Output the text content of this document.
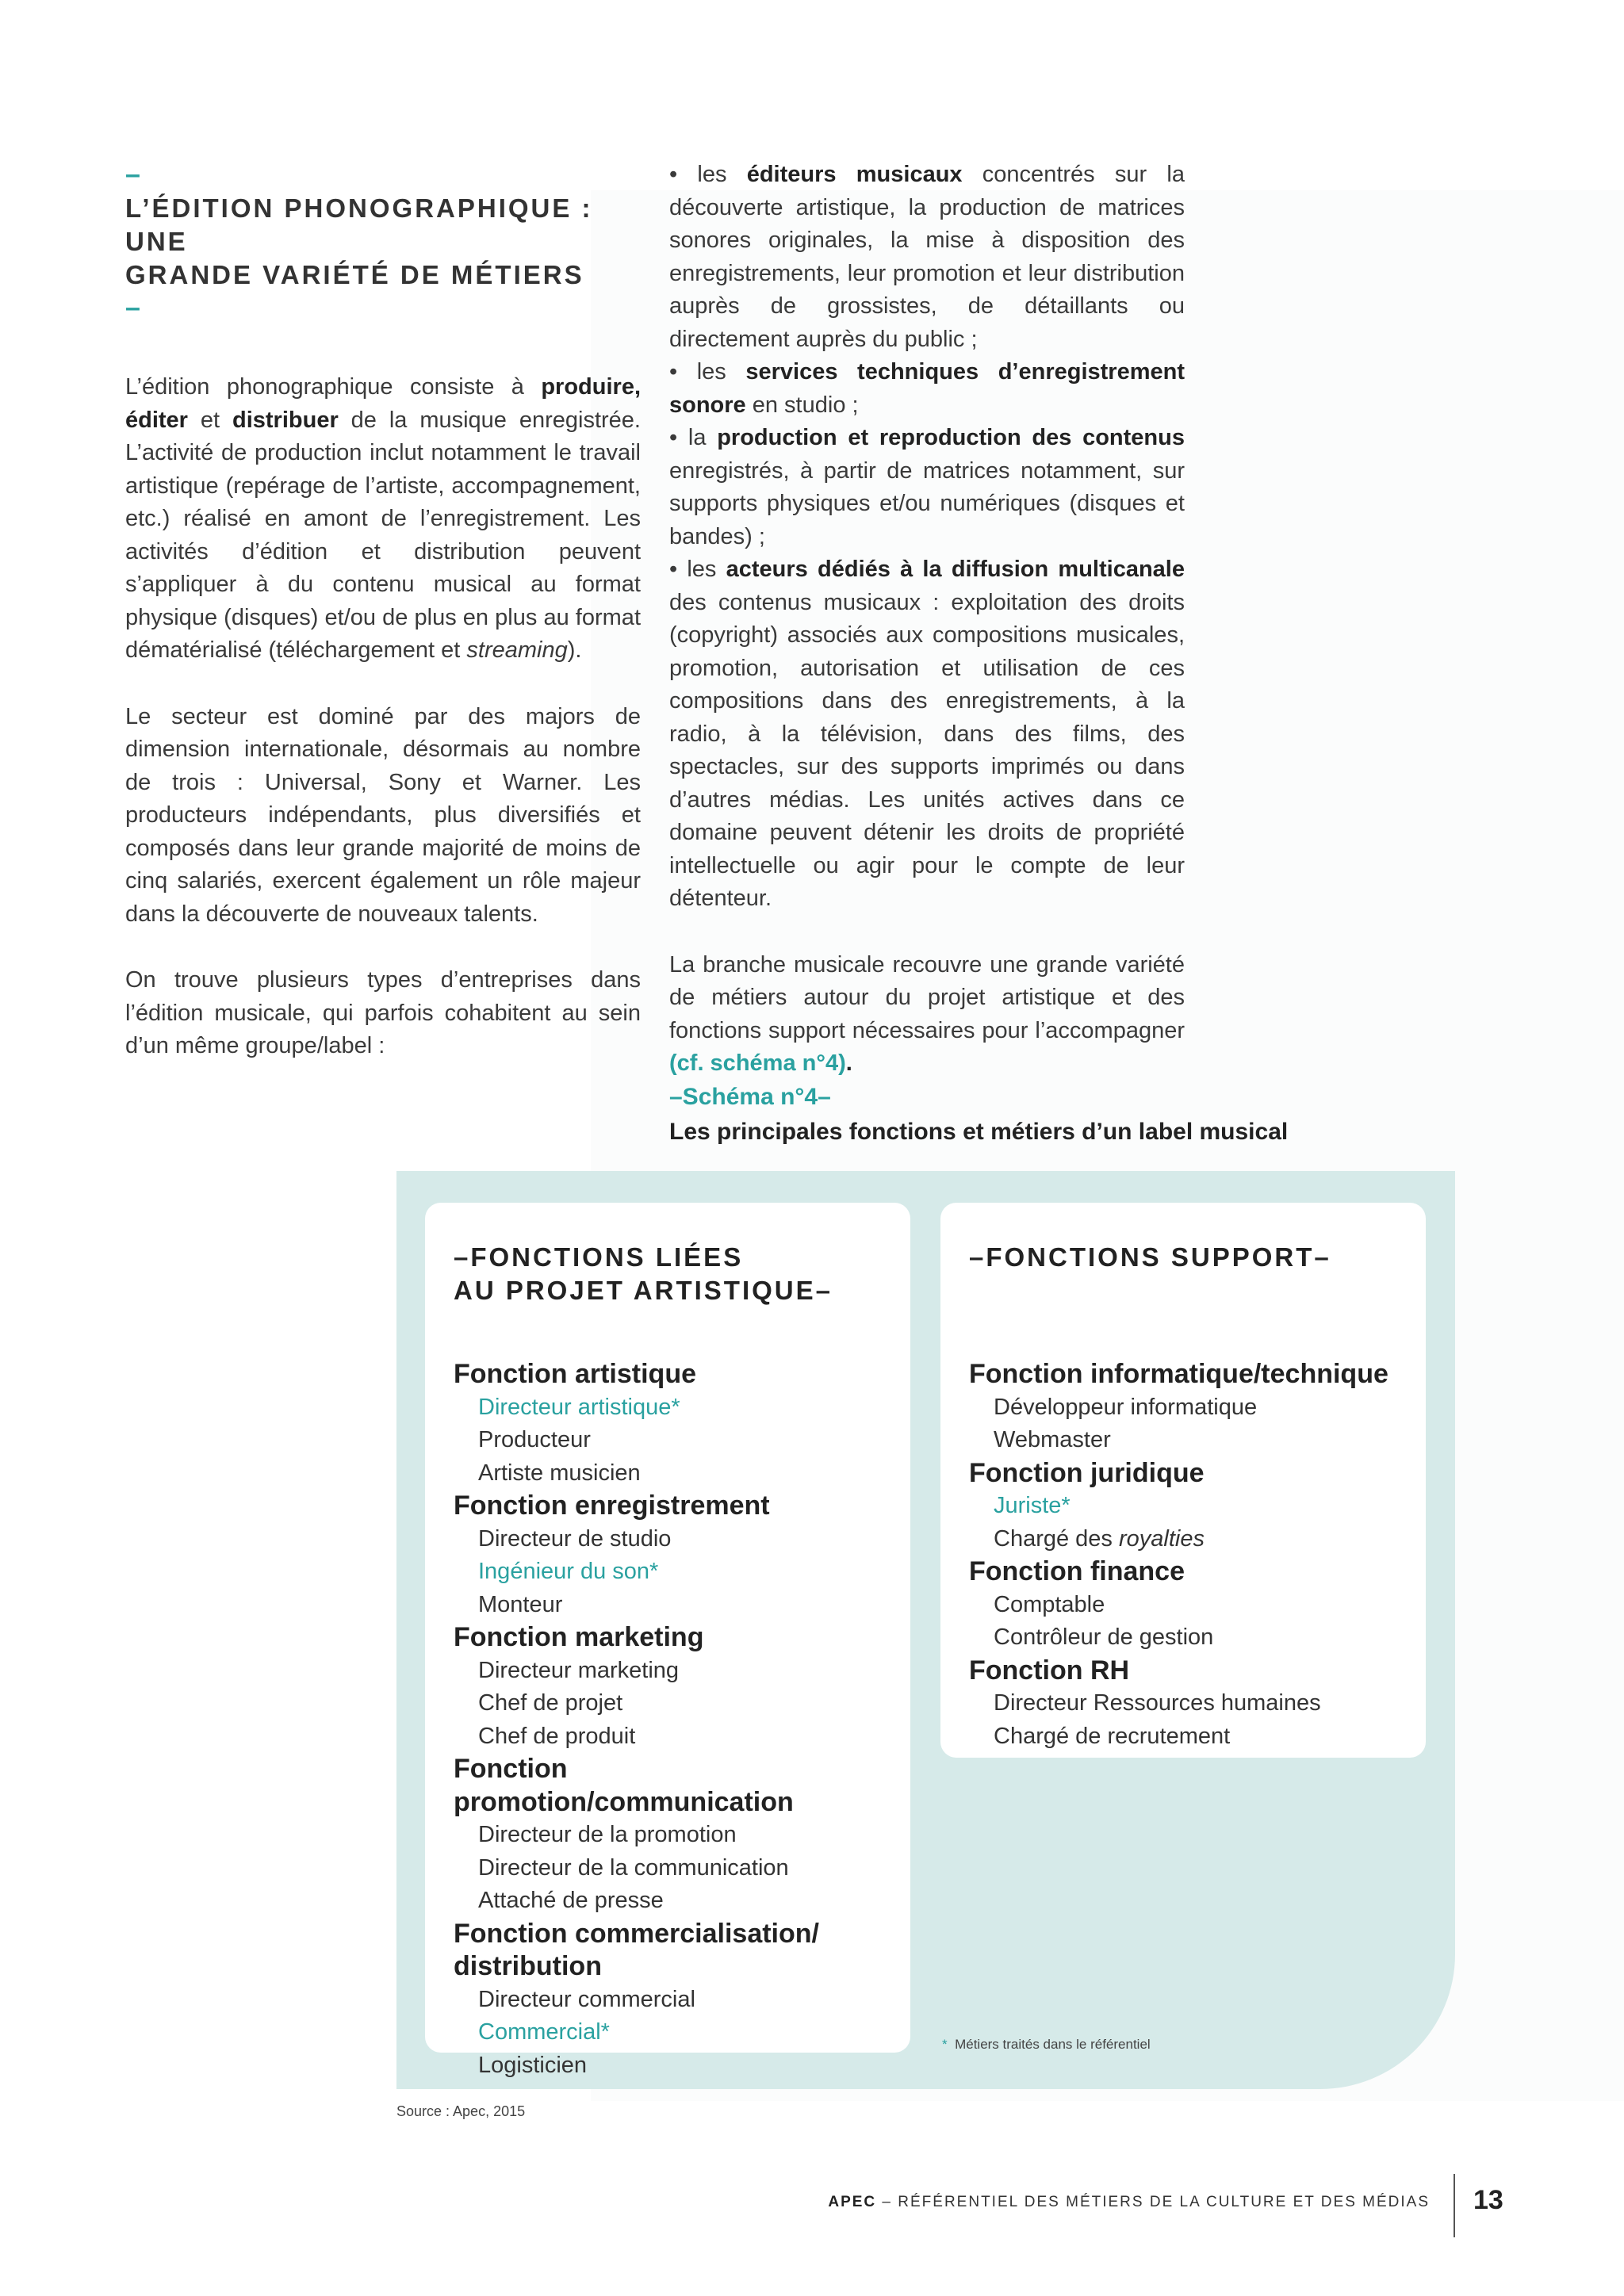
–
L’ÉDITION PHONOGRAPHIQUE : UNE
GRANDE VARIÉTÉ DE MÉTIERS
–

L’édition phonographique consiste à produire, éditer et distribuer de la musique enregistrée. L’activité de production inclut notamment le travail artistique (repérage de l’artiste, accompagnement, etc.) réalisé en amont de l’enregistrement. Les activités d’édition et distribution peuvent s’appliquer à du contenu musical au format physique (disques) et/ou de plus en plus au format dématérialisé (téléchargement et streaming).

Le secteur est dominé par des majors de dimension internationale, désormais au nombre de trois : Universal, Sony et Warner. Les producteurs indépendants, plus diversifiés et composés dans leur grande majorité de moins de cinq salariés, exercent également un rôle majeur dans la découverte de nouveaux talents.

On trouve plusieurs types d’entreprises dans l’édition musicale, qui parfois cohabitent au sein d’un même groupe/label :

• les éditeurs musicaux concentrés sur la découverte artistique, la production de matrices sonores originales, la mise à disposition des enregistrements, leur promotion et leur distribution auprès de grossistes, de détaillants ou directement auprès du public ;
• les services techniques d’enregistrement sonore en studio ;
• la production et reproduction des contenus enregistrés, à partir de matrices notamment, sur supports physiques et/ou numériques (disques et bandes) ;
• les acteurs dédiés à la diffusion multicanale des contenus musicaux : exploitation des droits (copyright) associés aux compositions musicales, promotion, autorisation et utilisation de ces compositions dans des enregistrements, à la radio, à la télévision, dans des films, des spectacles, sur des supports imprimés ou dans d’autres médias. Les unités actives dans ce domaine peuvent détenir les droits de propriété intellectuelle ou agir pour le compte de leur détenteur.

La branche musicale recouvre une grande variété de métiers autour du projet artistique et des fonctions support nécessaires pour l’accompagner (cf. schéma n°4).

–Schéma n°4–
Les principales fonctions et métiers d’un label musical
–FONCTIONS LIÉES
AU PROJET ARTISTIQUE–
Fonction artistique
Directeur artistique*
Producteur
Artiste musicien
Fonction enregistrement
Directeur de studio
Ingénieur du son*
Monteur
Fonction marketing
Directeur marketing
Chef de projet
Chef de produit
Fonction promotion/communication
Directeur de la promotion
Directeur de la communication
Attaché de presse
Fonction commercialisation/ distribution
Directeur commercial
Commercial*
Logisticien
–FONCTIONS SUPPORT–
Fonction informatique/technique
Développeur informatique
Webmaster
Fonction juridique
Juriste*
Chargé des royalties
Fonction finance
Comptable
Contrôleur de gestion
Fonction RH
Directeur Ressources humaines
Chargé de recrutement
* Métiers traités dans le référentiel
Source : Apec, 2015
APEC – RÉFÉRENTIEL DES MÉTIERS DE LA CULTURE ET DES MÉDIAS 13
